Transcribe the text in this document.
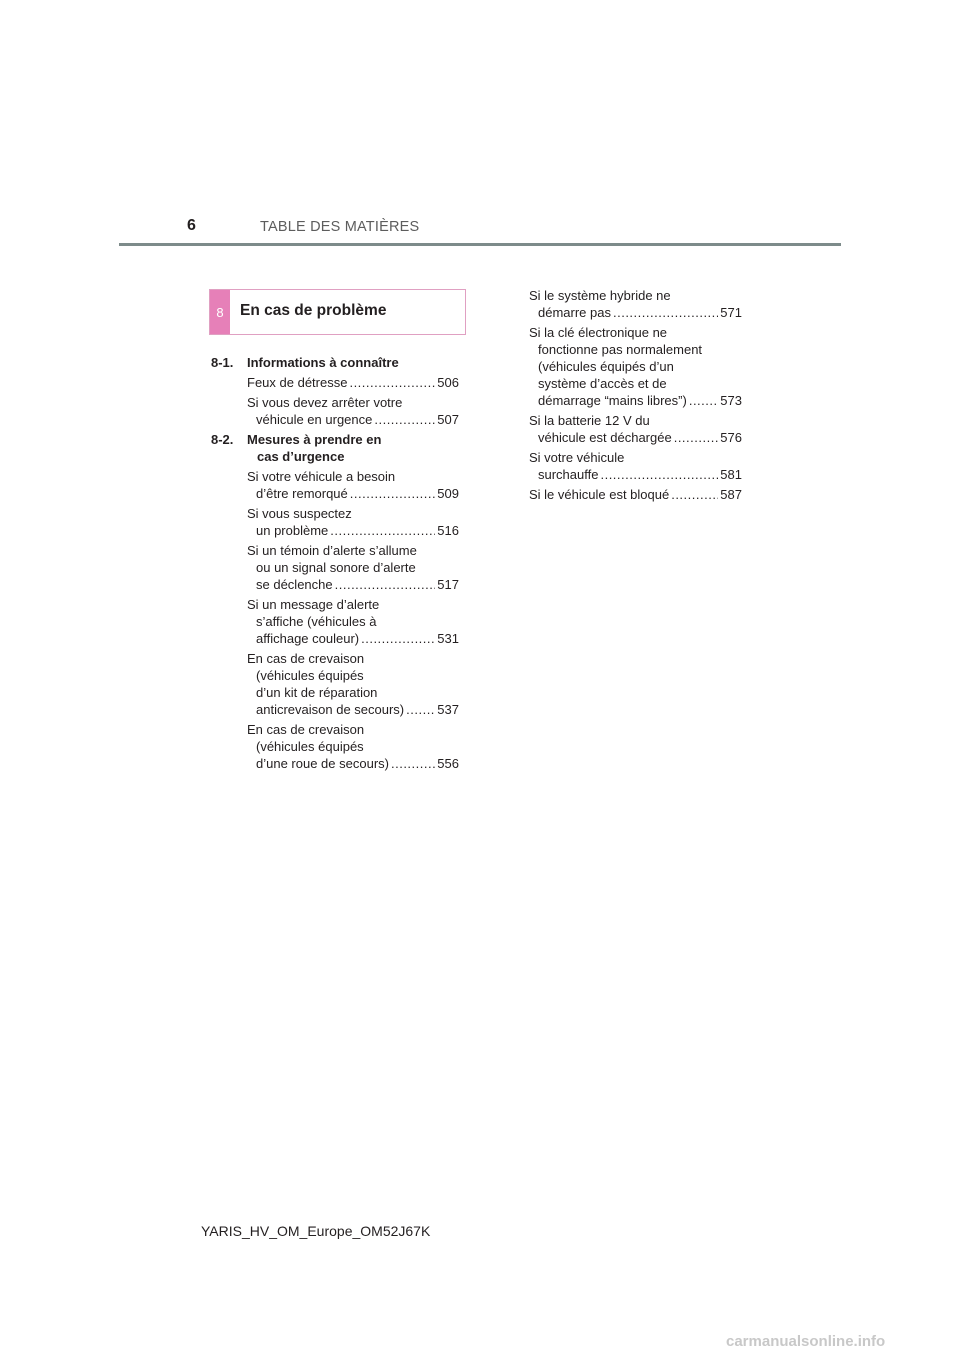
6	TABLE DES MATIÈRES
8	En cas de problème
8-1.	Informations à connaître
Feux de détresse .....	506
Si vous devez arrêter votre
véhicule en urgence .....	507
8-2.	Mesures à prendre en
cas d’urgence
Si votre véhicule a besoin
d’être remorqué .....	509
Si vous suspectez
un problème .....	516
Si un témoin d’alerte s’allume
ou un signal sonore d’alerte
se déclenche .....	517
Si un message d’alerte
s’affiche (véhicules à
affichage couleur) .....	531
En cas de crevaison
(véhicules équipés
d’un kit de réparation
anticrevaison de secours) .....	537
En cas de crevaison
(véhicules équipés
d’une roue de secours) .....	556
Si le système hybride ne
démarre pas .....	571
Si la clé électronique ne
fonctionne pas normalement
(véhicules équipés d’un
système d’accès et de
démarrage “mains libres”) .....	573
Si la batterie 12 V du
véhicule est déchargée .....	576
Si votre véhicule
surchauffe .....	581
Si le véhicule est bloqué .....	587
YARIS_HV_OM_Europe_OM52J67K
carmanualsonline.info
